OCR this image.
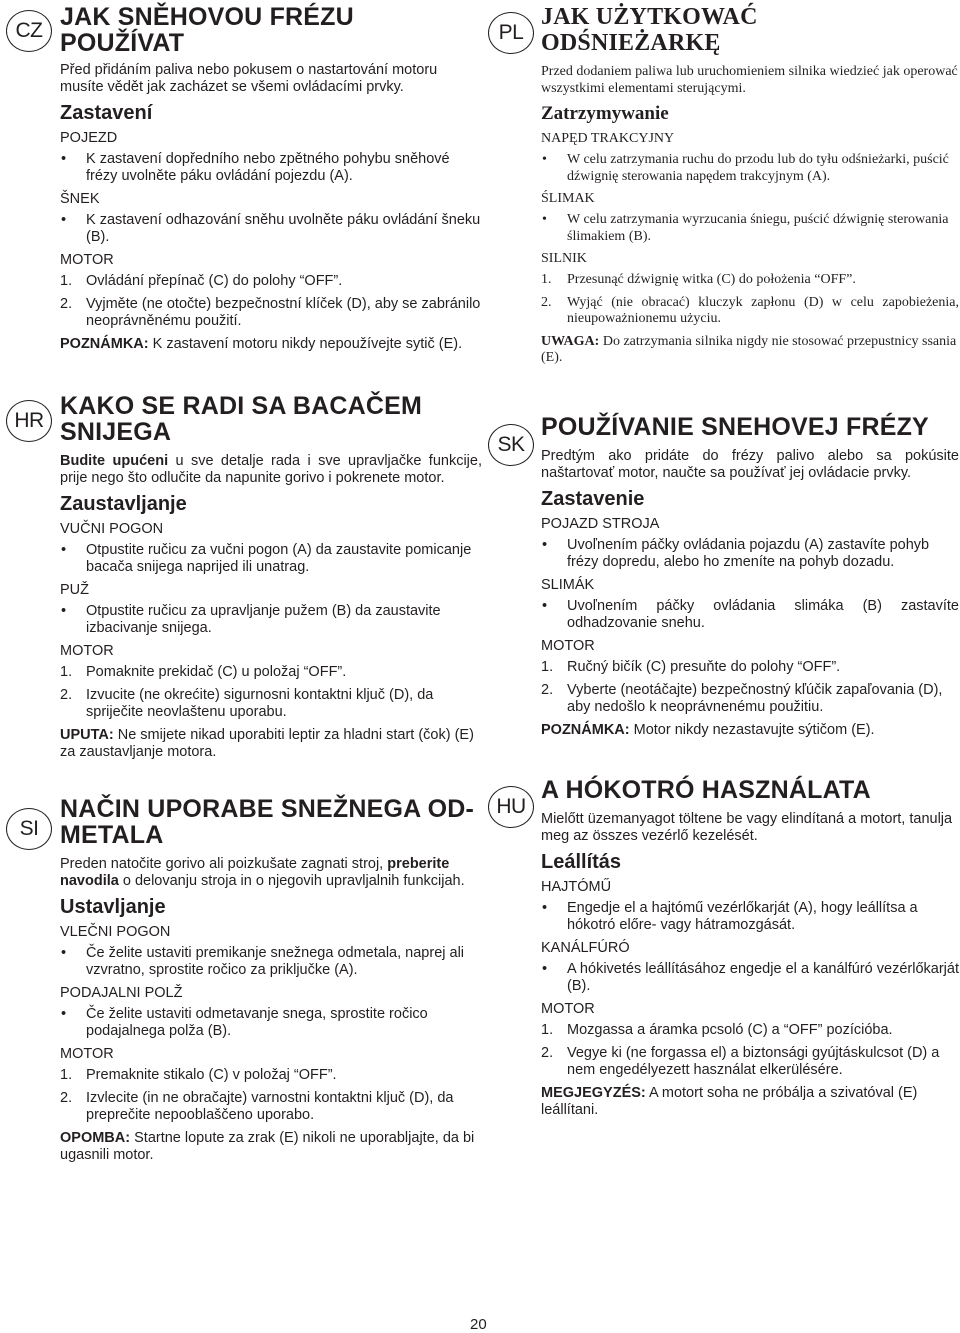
CZ
HR
SI
PL
SK
HU
JAK SNĚHOVOU FRÉZU
POUŽÍVAT

Před přidáním paliva nebo pokusem o nastartování motoru musíte vědět jak zacházet se všemi ovládacími prvky.

Zastavení
POJEZD
• K zastavení dopředního nebo zpětného pohybu sněhové frézy uvolněte páku ovládání pojezdu (A).
ŠNEK
• K zastavení odhazování sněhu uvolněte páku ovládání šneku (B).
MOTOR
1. Ovládání přepínač (C) do polohy “OFF”.
2. Vyjměte (ne otočte) bezpečnostní klíček (D), aby se zabránilo neoprávněnému použití.
POZNÁMKA: K zastavení motoru nikdy nepoužívejte sytič (E).
KAKO SE RADI SA BACAČEM
SNIJEGA

Budite upućeni u sve detalje rada i sve upravljačke funkcije, prije nego što odlučite da napunite gorivo i pokrenete motor.

Zaustavljanje
VUČNI POGON
• Otpustite ručicu za vučni pogon (A) da zaustavite pomicanje bacača snijega naprijed ili unatrag.
PUŽ
• Otpustite ručicu za upravljanje pužem (B) da zaustavite izbacivanje snijega.
MOTOR
1. Pomaknite prekidač (C) u položaj “OFF”.
2. Izvucite (ne okrećite) sigurnosni kontaktni ključ (D), da spriječite neovlaštenu uporabu.
UPUTA: Ne smijete nikad uporabiti leptir za hladni start (čok) (E) za zaustavljanje motora.
NAČIN UPORABE SNEŽNEGA OD-
METALA

Preden natočite gorivo ali poizkušate zagnati stroj, preberite navodila o delovanju stroja in o njegovih upravljalnih funkcijah.

Ustavljanje
VLEČNI POGON
• Če želite ustaviti premikanje snežnega odmetala, naprej ali vzvratno, sprostite ročico za priključke (A).
PODAJALNI POLŽ
• Če želite ustaviti odmetavanje snega, sprostite ročico podajalnega polža (B).
MOTOR
1. Premaknite stikalo (C) v položaj “OFF”.
2. Izvlecite (in ne obračajte) varnostni kontaktni ključ (D), da preprečite nepooblaščeno uporabo.
OPOMBA: Startne lopute za zrak (E) nikoli ne uporabljajte, da bi ugasnili motor.
JAK UŻYTKOWAĆ
ODŚNIEŻARKĘ

Przed dodaniem paliwa lub uruchomieniem silnika wiedzieć jak operować wszystkimi elementami sterującymi.

Zatrzymywanie
NAPĘD TRAKCYJNY
• W celu zatrzymania ruchu do przodu lub do tyłu odśnieżarki, puścić dźwignię sterowania napędem trakcyjnym (A).
ŚLIMAK
• W celu zatrzymania wyrzucania śniegu, puścić dźwignię sterowania ślimakiem (B).
SILNIK
1. Przesunąć dźwignię witka (C) do położenia “OFF”.
2. Wyjąć (nie obracać) kluczyk zapłonu (D) w celu zapobieżenia, nieupoważnionemu użyciu.
UWAGA: Do zatrzymania silnika nigdy nie stosować przepustnicy ssania (E).
POUŽÍVANIE SNEHOVEJ FRÉZY

Predtým ako pridáte do frézy palivo alebo sa pokúsite naštartovať motor, naučte sa používať jej ovládacie prvky.

Zastavenie
POJAZD STROJA
• Uvoľnením páčky ovládania pojazdu (A) zastavíte pohyb frézy dopredu, alebo ho zmeníte na pohyb dozadu.
SLIMÁK
• Uvoľnením páčky ovládania slimáka (B) zastavíte odhadzovanie snehu.
MOTOR
1. Ručný bičík (C) presuňte do polohy “OFF”.
2. Vyberte (neotáčajte) bezpečnostný kľúčik zapaľovania (D), aby nedošlo k neoprávnenému použitiu.
POZNÁMKA: Motor nikdy nezastavujte sýtičom (E).
A HÓKOTRÓ HASZNÁLATA

Mielőtt üzemanyagot töltene be vagy elindítaná a motort, tanulja meg az összes vezérlő kezelését.

Leállítás
HAJTÓMŰ
• Engedje el a hajtómű vezérlőkarját (A), hogy leállítsa a hókotró előre- vagy hátramozgását.
KANÁLFÚRÓ
• A hókivetés leállításához engedje el a kanálfúró vezérlőkarját (B).
MOTOR
1. Mozgassa a áramka pcsoló (C) a “OFF” pozícióba.
2. Vegye ki (ne forgassa el) a biztonsági gyújtáskulcsot (D) a nem engedélyezett használat elkerülésére.
MEGJEGYZÉS: A motort soha ne próbálja a szivatóval (E) leállítani.
20
